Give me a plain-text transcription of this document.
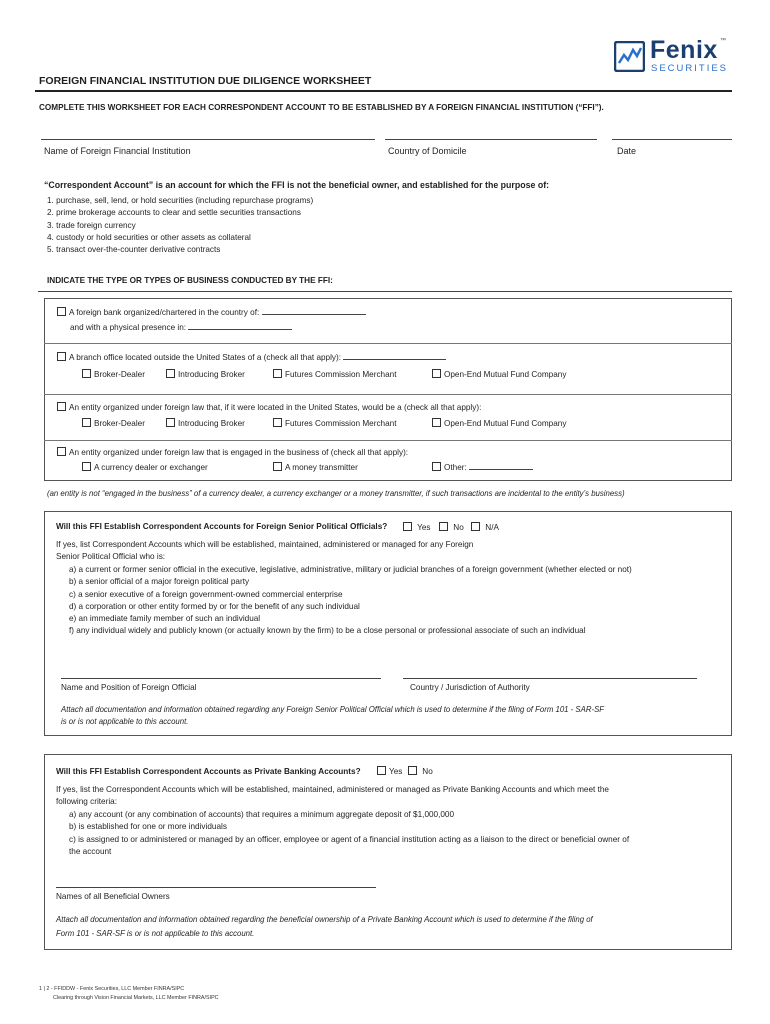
Fenix ™
SECURITIES
FOREIGN FINANCIAL INSTITUTION DUE DILIGENCE WORKSHEET
COMPLETE THIS WORKSHEET FOR EACH CORRESPONDENT ACCOUNT TO BE ESTABLISHED BY A FOREIGN FINANCIAL INSTITUTION (“FFI”).
Name of Foreign Financial Institution	Country of Domicile	Date
“Correspondent Account” is an account for which the FFI is not the beneficial owner, and established for the purpose of:
1. purchase, sell, lend, or hold securities (including repurchase programs)
2. prime brokerage accounts to clear and settle securities transactions
3. trade foreign currency
4. custody or hold securities or other assets as collateral
5. transact over-the-counter derivative contracts
INDICATE THE TYPE OR TYPES OF BUSINESS CONDUCTED BY THE FFI:
A foreign bank organized/chartered in the country of:
and with a physical presence in:
A branch office located outside the United States of a (check all that apply):
Broker-Dealer	Introducing Broker	Futures Commission Merchant	Open-End Mutual Fund Company
An entity organized under foreign law that, if it were located in the United States, would be a (check all that apply):
Broker-Dealer	Introducing Broker	Futures Commission Merchant	Open-End Mutual Fund Company
An entity organized under foreign law that is engaged in the business of (check all that apply):
A currency dealer or exchanger	A money transmitter	Other:
(an entity is not “engaged in the business” of a currency dealer, a currency exchanger or a money transmitter, if such transactions are incidental to the entity’s business)
Will this FFI Establish Correspondent Accounts for Foreign Senior Political Officials?	Yes	No	N/A
If yes, list Correspondent Accounts which will be established, maintained, administered or managed for any Foreign
Senior Political Official who is:
a) a current or former senior official in the executive, legislative, administrative, military or judicial branches of a foreign government (whether elected or not)
b) a senior official of a major foreign political party
c) a senior executive of a foreign government-owned commercial enterprise
d) a corporation or other entity formed by or for the benefit of any such individual
e) an immediate family member of such an individual
f) any individual widely and publicly known (or actually known by the firm) to be a close personal or professional associate of such an individual
Name and Position of Foreign Official	Country / Jurisdiction of Authority
Attach all documentation and information obtained regarding any Foreign Senior Political Official which is used to determine if the filing of Form 101 - SAR-SF
is or is not applicable to this account.
Will this FFI Establish Correspondent Accounts as Private Banking Accounts?	Yes	No
If yes, list the Correspondent Accounts which will be established, maintained, administered or managed as Private Banking Accounts and which meet the
following criteria:
a) any account (or any combination of accounts) that requires a minimum aggregate deposit of $1,000,000
b) is established for one or more individuals
c) is assigned to or administered or managed by an officer, employee or agent of a financial institution acting as a liaison to the direct or beneficial owner of
the account
Names of all Beneficial Owners
Attach all documentation and information obtained regarding the beneficial ownership of a Private Banking Account which is used to determine if the filing of
Form 101 - SAR-SF is or is not applicable to this account.
1 | 2 - FFIDDW - Fenix Securities, LLC Member FINRA/SIPC
Clearing through Vision Financial Markets, LLC Member FINRA/SIPC
